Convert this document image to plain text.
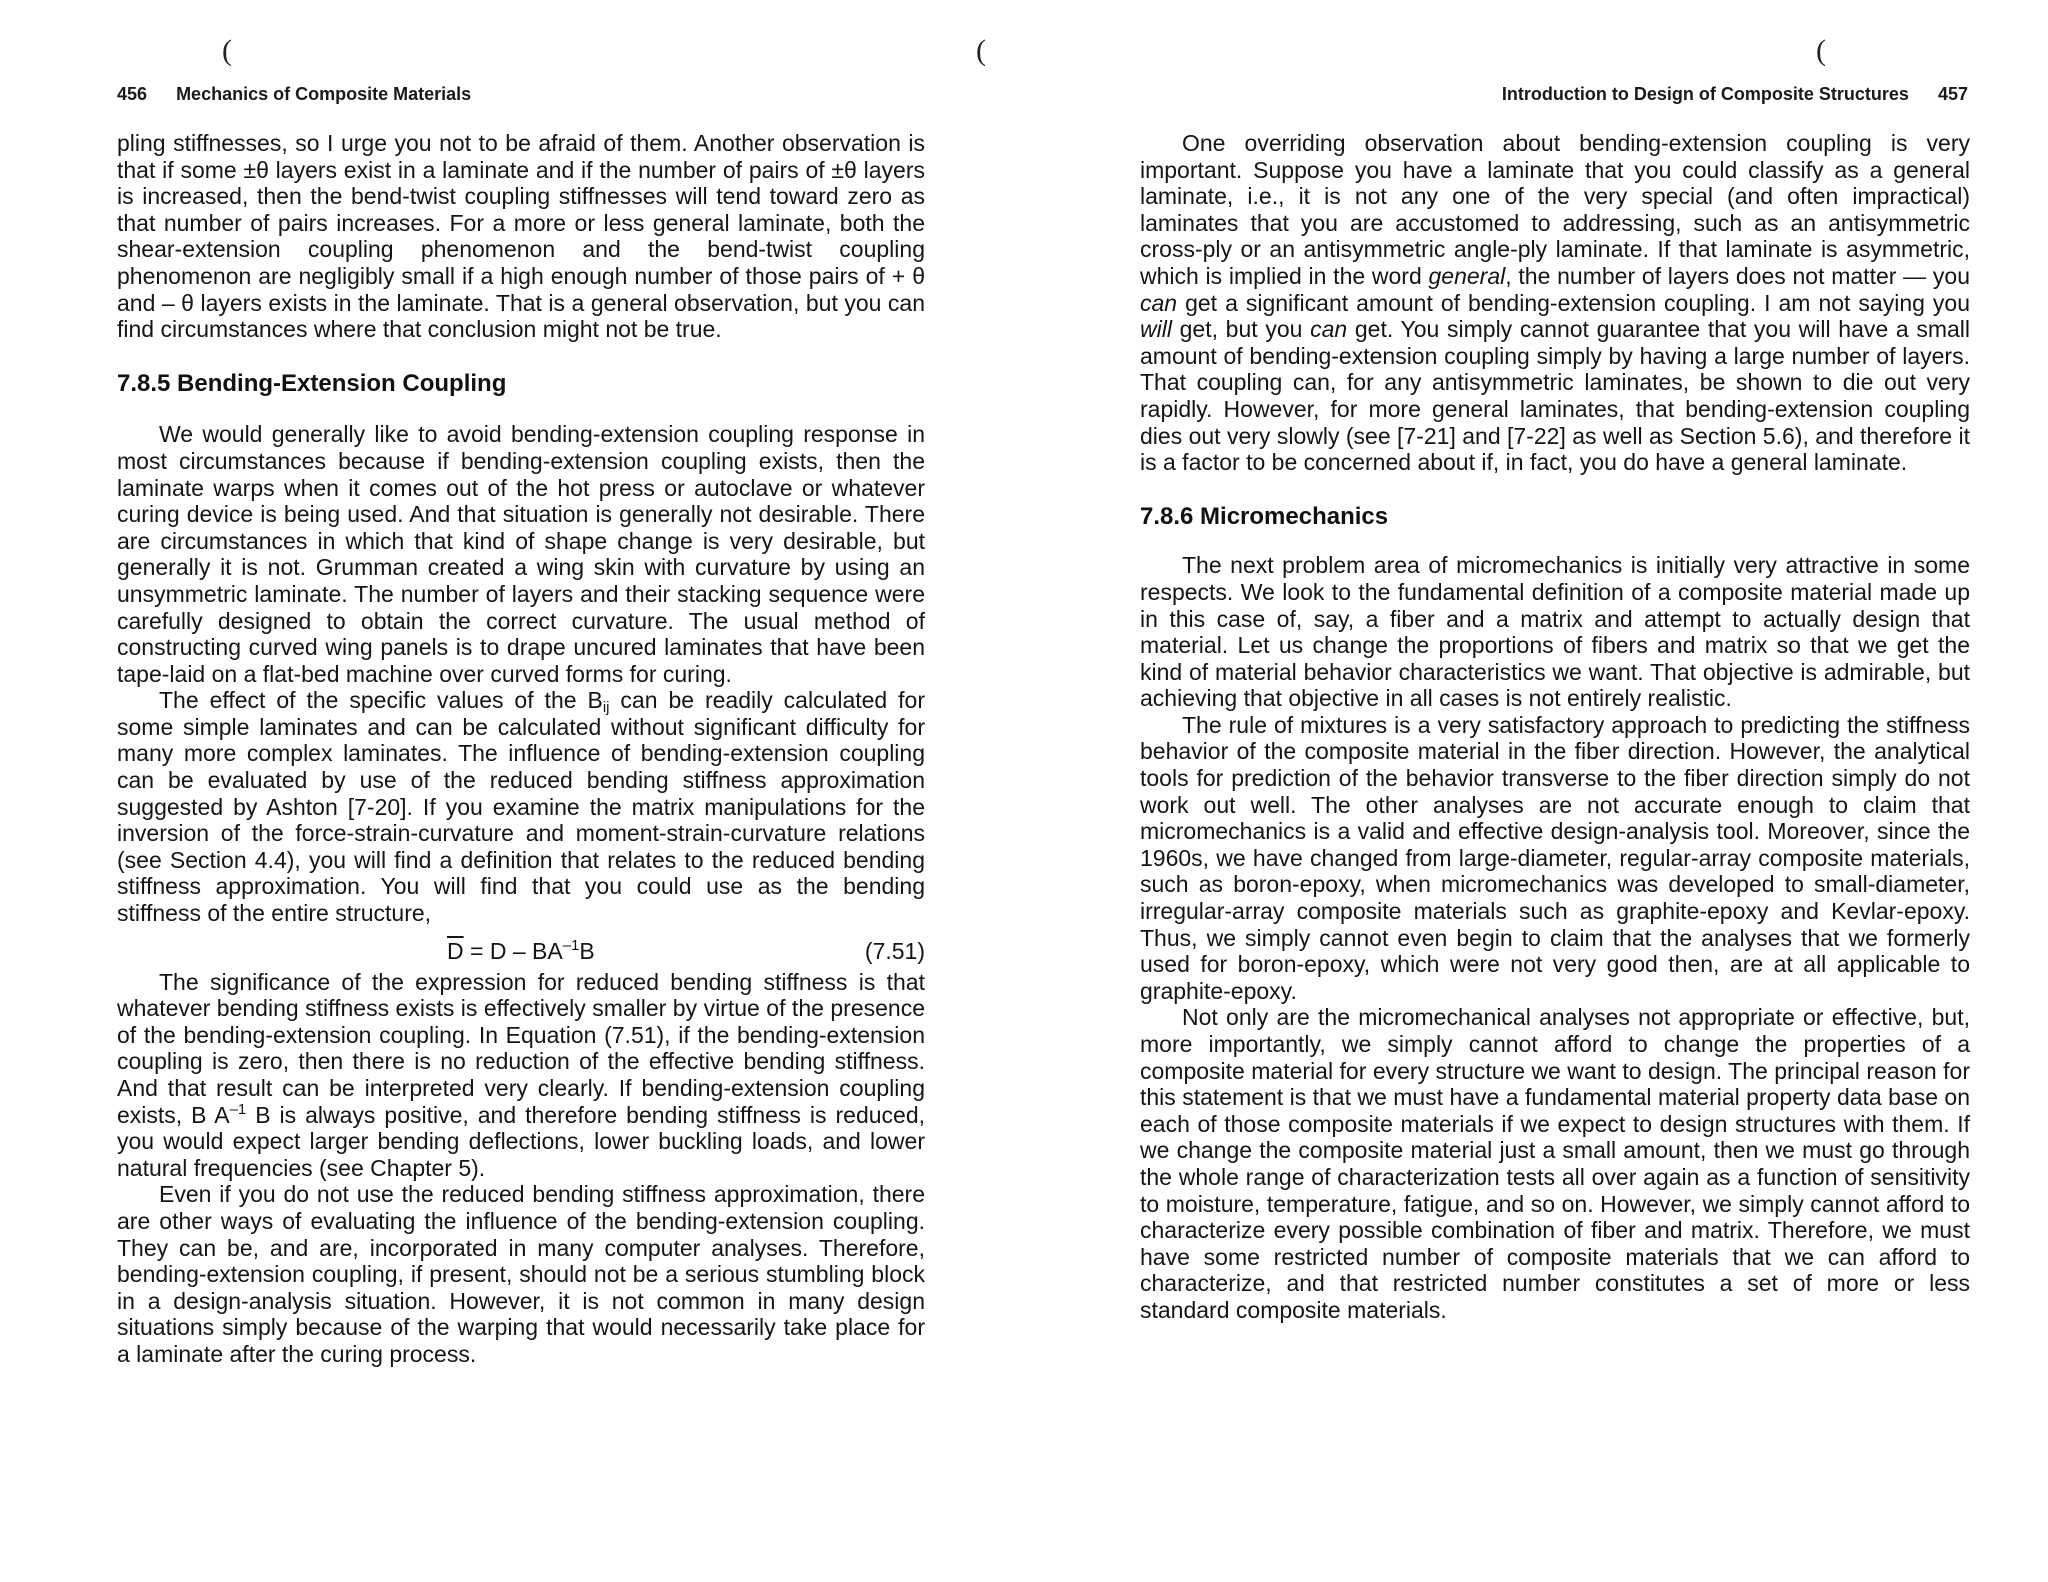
(
456 Mechanics of Composite Materials

pling stiffnesses, so I urge you not to be afraid of them. Another observation is that if some ±θ layers exist in a laminate and if the number of pairs of ±θ layers is increased, then the bend-twist coupling stiffnesses will tend toward zero as that number of pairs increases. For a more or less general laminate, both the shear-extension coupling phenomenon and the bend-twist coupling phenomenon are negligibly small if a high enough number of those pairs of + θ and – θ layers exists in the laminate. That is a general observation, but you can find circumstances where that conclusion might not be true.

7.8.5 Bending-Extension Coupling

We would generally like to avoid bending-extension coupling response in most circumstances because if bending-extension coupling exists, then the laminate warps when it comes out of the hot press or autoclave or whatever curing device is being used. And that situation is generally not desirable. There are circumstances in which that kind of shape change is very desirable, but generally it is not. Grumman created a wing skin with curvature by using an unsymmetric laminate. The number of layers and their stacking sequence were carefully designed to obtain the correct curvature. The usual method of constructing curved wing panels is to drape uncured laminates that have been tape-laid on a flat-bed machine over curved forms for curing.

The effect of the specific values of the $B_{ij}$ can be readily calculated for some simple laminates and can be calculated without significant difficulty for many more complex laminates. The influence of bending-extension coupling can be evaluated by use of the reduced bending stiffness approximation suggested by Ashton [7-20]. If you examine the matrix manipulations for the inversion of the force-strain-curvature and moment-strain-curvature relations (see Section 4.4), you will find a definition that relates to the reduced bending stiffness approximation. You will find that you could use as the bending stiffness of the entire structure,

$\overline{D} = D - BA^{-1}B$	(7.51)

The significance of the expression for reduced bending stiffness is that whatever bending stiffness exists is effectively smaller by virtue of the presence of the bending-extension coupling. In Equation (7.51), if the bending-extension coupling is zero, then there is no reduction of the effective bending stiffness. And that result can be interpreted very clearly. If bending-extension coupling exists, B $A^{-1}$ B is always positive, and therefore bending stiffness is reduced, you would expect larger bending deflections, lower buckling loads, and lower natural frequencies (see Chapter 5).

Even if you do not use the reduced bending stiffness approximation, there are other ways of evaluating the influence of the bending-extension coupling. They can be, and are, incorporated in many computer analyses. Therefore, bending-extension coupling, if present, should not be a serious stumbling block in a design-analysis situation. However, it is not common in many design situations simply because of the warping that would necessarily take place for a laminate after the curing process.

(	(
Introduction to Design of Composite Structures 457

One overriding observation about bending-extension coupling is very important. Suppose you have a laminate that you could classify as a general laminate, i.e., it is not any one of the very special (and often impractical) laminates that you are accustomed to addressing, such as an antisymmetric cross-ply or an antisymmetric angle-ply laminate. If that laminate is asymmetric, which is implied in the word general, the number of layers does not matter — you can get a significant amount of bending-extension coupling. I am not saying you will get, but you can get. You simply cannot guarantee that you will have a small amount of bending-extension coupling simply by having a large number of layers. That coupling can, for any antisymmetric laminates, be shown to die out very rapidly. However, for more general laminates, that bending-extension coupling dies out very slowly (see [7-21] and [7-22] as well as Section 5.6), and therefore it is a factor to be concerned about if, in fact, you do have a general laminate.

7.8.6 Micromechanics

The next problem area of micromechanics is initially very attractive in some respects. We look to the fundamental definition of a composite material made up in this case of, say, a fiber and a matrix and attempt to actually design that material. Let us change the proportions of fibers and matrix so that we get the kind of material behavior characteristics we want. That objective is admirable, but achieving that objective in all cases is not entirely realistic.

The rule of mixtures is a very satisfactory approach to predicting the stiffness behavior of the composite material in the fiber direction. However, the analytical tools for prediction of the behavior transverse to the fiber direction simply do not work out well. The other analyses are not accurate enough to claim that micromechanics is a valid and effective design-analysis tool. Moreover, since the 1960s, we have changed from large-diameter, regular-array composite materials, such as boron-epoxy, when micromechanics was developed to small-diameter, irregular-array composite materials such as graphite-epoxy and Kevlar-epoxy. Thus, we simply cannot even begin to claim that the analyses that we formerly used for boron-epoxy, which were not very good then, are at all applicable to graphite-epoxy.

Not only are the micromechanical analyses not appropriate or effective, but, more importantly, we simply cannot afford to change the properties of a composite material for every structure we want to design. The principal reason for this statement is that we must have a fundamental material property data base on each of those composite materials if we expect to design structures with them. If we change the composite material just a small amount, then we must go through the whole range of characterization tests all over again as a function of sensitivity to moisture, temperature, fatigue, and so on. However, we simply cannot afford to characterize every possible combination of fiber and matrix. Therefore, we must have some restricted number of composite materials that we can afford to characterize, and that restricted number constitutes a set of more or less standard composite materials.
